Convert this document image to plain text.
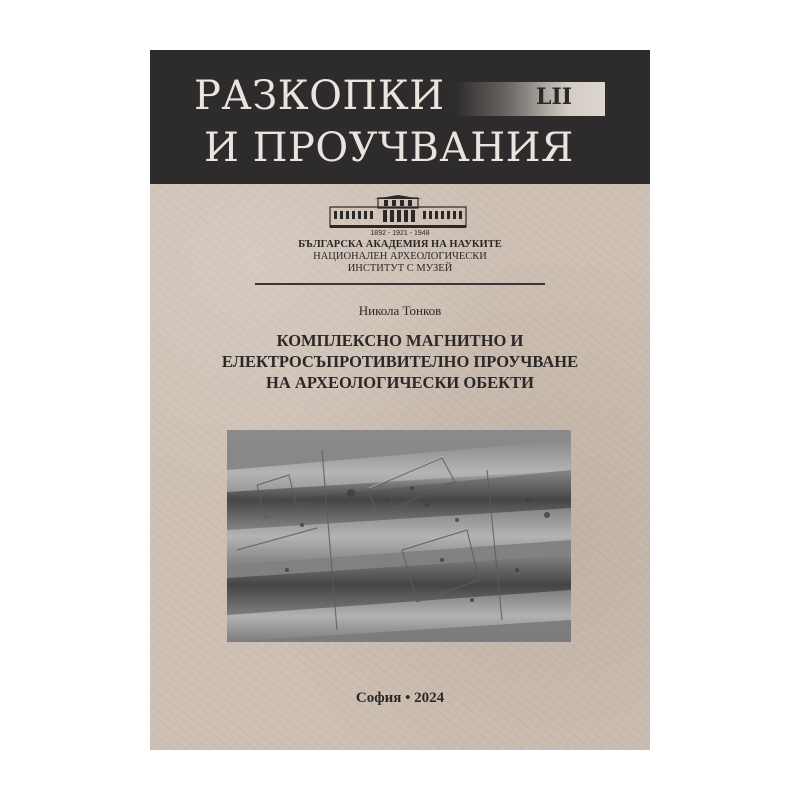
РАЗКОПКИ	LII
И ПРОУЧВАНИЯ
1892 - 1921 - 1948
БЪЛГАРСКА АКАДЕМИЯ НА НАУКИТЕ
НАЦИОНАЛЕН АРХЕОЛОГИЧЕСКИ
ИНСТИТУТ С МУЗЕЙ
Никола Тонков
КОМПЛЕКСНО МАГНИТНО И
ЕЛЕКТРОСЪПРОТИВИТЕЛНО ПРОУЧВАНЕ
НА АРХЕОЛОГИЧЕСКИ ОБЕКТИ
София • 2024
